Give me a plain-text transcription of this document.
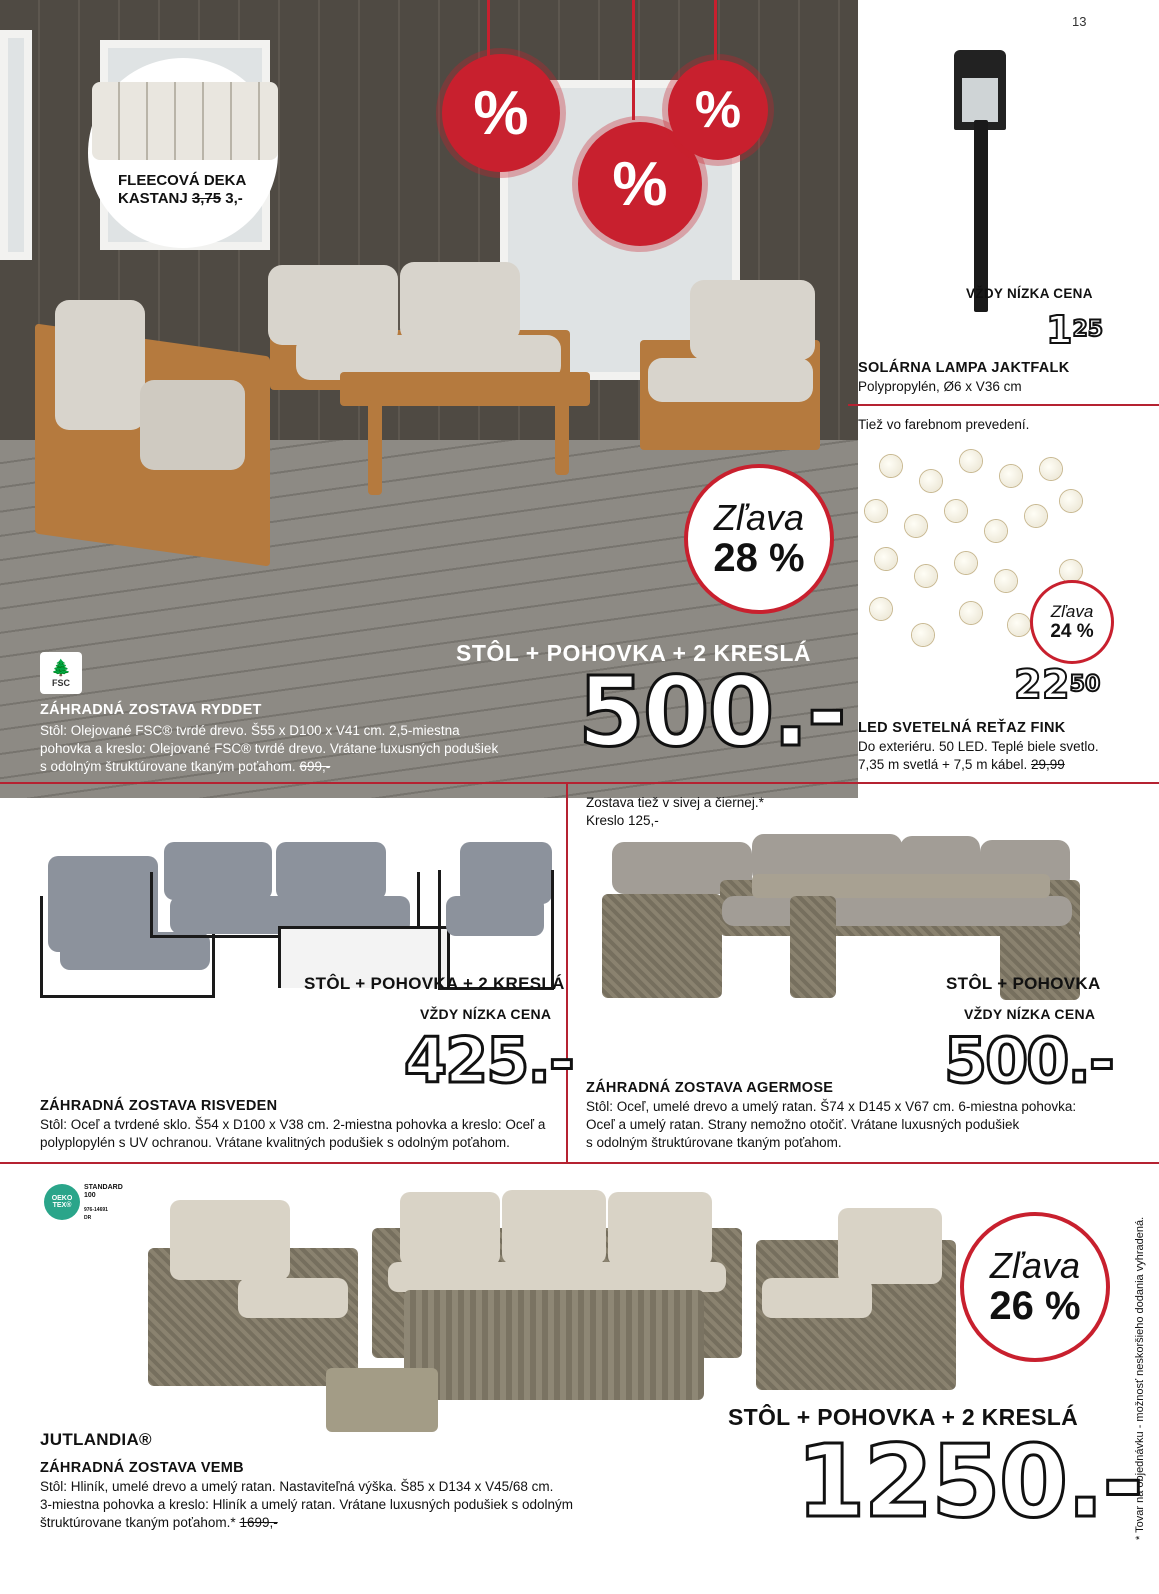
%
%
%
FLEECOVÁ DEKA
KASTANJ 3,75 3,-
Zľava
28 %
STÔL + POHOVKA + 2 KRESLÁ
500.-
🌲
FSC
ZÁHRADNÁ ZOSTAVA RYDDET
Stôl: Olejované FSC® tvrdé drevo. Š55 x D100 x V41 cm. 2,5-miestna
pohovka a kreslo: Olejované FSC® tvrdé drevo. Vrátane luxusných podušiek
s odolným štruktúrovane tkaným poťahom. 699,-
13
VŽDY NÍZKA CENA
$1^{25}$
SOLÁRNA LAMPA JAKTFALK
Polypropylén, Ø6 x V36 cm
Tiež vo farebnom prevedení.
Zľava
24 %
$22^{50}$
LED SVETELNÁ REŤAZ FINK
Do exteriéru. 50 LED. Teplé biele svetlo.
7,35 m svetlá + 7,5 m kábel. 29,99
STÔL + POHOVKA + 2 KRESLÁ
VŽDY NÍZKA CENA
425.-
ZÁHRADNÁ ZOSTAVA RISVEDEN
Stôl: Oceľ a tvrdené sklo. Š54 x D100 x V38 cm. 2-miestna pohovka a kreslo: Oceľ a
polyplopylén s UV ochranou. Vrátane kvalitných podušiek s odolným poťahom.
Zostava tiež v sivej a čiernej.*
Kreslo 125,-
STÔL + POHOVKA
VŽDY NÍZKA CENA
500.-
ZÁHRADNÁ ZOSTAVA AGERMOSE
Stôl: Oceľ, umelé drevo a umelý ratan. Š74 x D145 x V67 cm. 6-miestna pohovka:
Oceľ a umelý ratan. Strany nemožno otočiť. Vrátane luxusných podušiek
s odolným štruktúrovane tkaným poťahom.
OEKO
TEX®
STANDARD
100
976-14691
DR
Zľava
26 %
STÔL + POHOVKA + 2 KRESLÁ
1250.-
JUTLANDIA®
ZÁHRADNÁ ZOSTAVA VEMB
Stôl: Hliník, umelé drevo a umelý ratan. Nastaviteľná výška. Š85 x D134 x V45/68 cm.
3-miestna pohovka a kreslo: Hliník a umelý ratan. Vrátane luxusných podušiek s odolným
štruktúrovane tkaným poťahom.* 1699,-	* Tovar na objednávku - možnosť neskoršieho dodania vyhradená.
